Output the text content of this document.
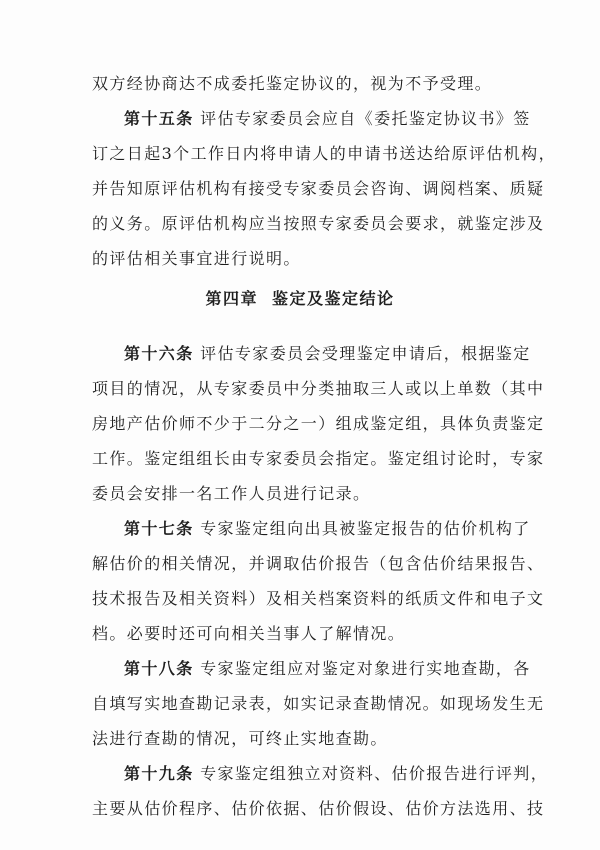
双方经协商达不成委托鉴定协议的，视为不予受理。
第十五条 评估专家委员会应自《委托鉴定协议书》签
订之日起3个工作日内将申请人的申请书送达给原评估机构，
并告知原评估机构有接受专家委员会咨询、调阅档案、质疑
的义务。原评估机构应当按照专家委员会要求，就鉴定涉及
的评估相关事宜进行说明。
第四章 鉴定及鉴定结论
第十六条 评估专家委员会受理鉴定申请后，根据鉴定
项目的情况，从专家委员中分类抽取三人或以上单数（其中
房地产估价师不少于二分之一）组成鉴定组，具体负责鉴定
工作。鉴定组组长由专家委员会指定。鉴定组讨论时，专家
委员会安排一名工作人员进行记录。
第十七条 专家鉴定组向出具被鉴定报告的估价机构了
解估价的相关情况，并调取估价报告（包含估价结果报告、
技术报告及相关资料）及相关档案资料的纸质文件和电子文
档。必要时还可向相关当事人了解情况。
第十八条 专家鉴定组应对鉴定对象进行实地查勘，各
自填写实地查勘记录表，如实记录查勘情况。如现场发生无
法进行查勘的情况，可终止实地查勘。
第十九条 专家鉴定组独立对资料、估价报告进行评判，
主要从估价程序、估价依据、估价假设、估价方法选用、技
